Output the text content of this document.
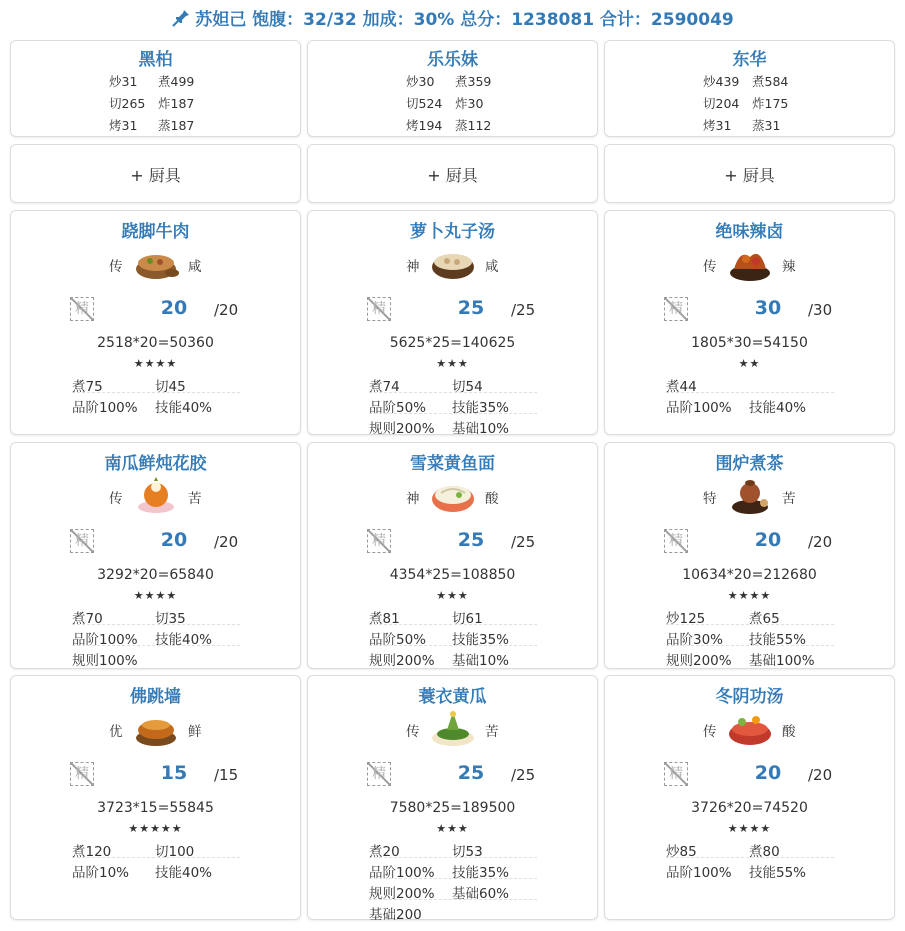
苏妲己 饱腹：32/32 加成：30% 总分：1238081 合计：2590049
黑柏
炒31 煮499
切265 炸187
烤31 蒸187
乐乐妹
炒30 煮359
切524 炸30
烤194 蒸112
东华
炒439 煮584
切204 炸175
烤31 蒸31
+ 厨具	+ 厨具	+ 厨具
跷脚牛肉
传	咸
精	20	/20
2518*20=50360
★★★★
煮75	切45
品阶100% 技能40%
萝卜丸子汤
神	咸
精	25	/25
5625*25=140625
★★★
煮74	切54
品阶50% 技能35%
规则200% 基础10%
绝味辣卤
传	辣
精	30	/30
1805*30=54150
★★
煮44
品阶100% 技能40%
南瓜鲜炖花胶
传	苦
精	20	/20
3292*20=65840
★★★★
煮70	切35
品阶100% 技能40%
规则100%
雪菜黄鱼面
神	酸
精	25	/25
4354*25=108850
★★★
煮81	切61
品阶50% 技能35%
规则200% 基础10%
围炉煮茶
特	苦
精	20	/20
10634*20=212680
★★★★
炒125	煮65
品阶30% 技能55%
规则200% 基础100%
佛跳墙
优	鲜
精	15	/15
3723*15=55845
★★★★★
煮120	切100
品阶10% 技能40%
蓑衣黄瓜
传	苦
精	25	/25
7580*25=189500
★★★
煮20	切53
品阶100% 技能35%
规则200% 基础60%
基础200
冬阴功汤
传	酸
精	20	/20
3726*20=74520
★★★★
炒85	煮80
品阶100% 技能55%
